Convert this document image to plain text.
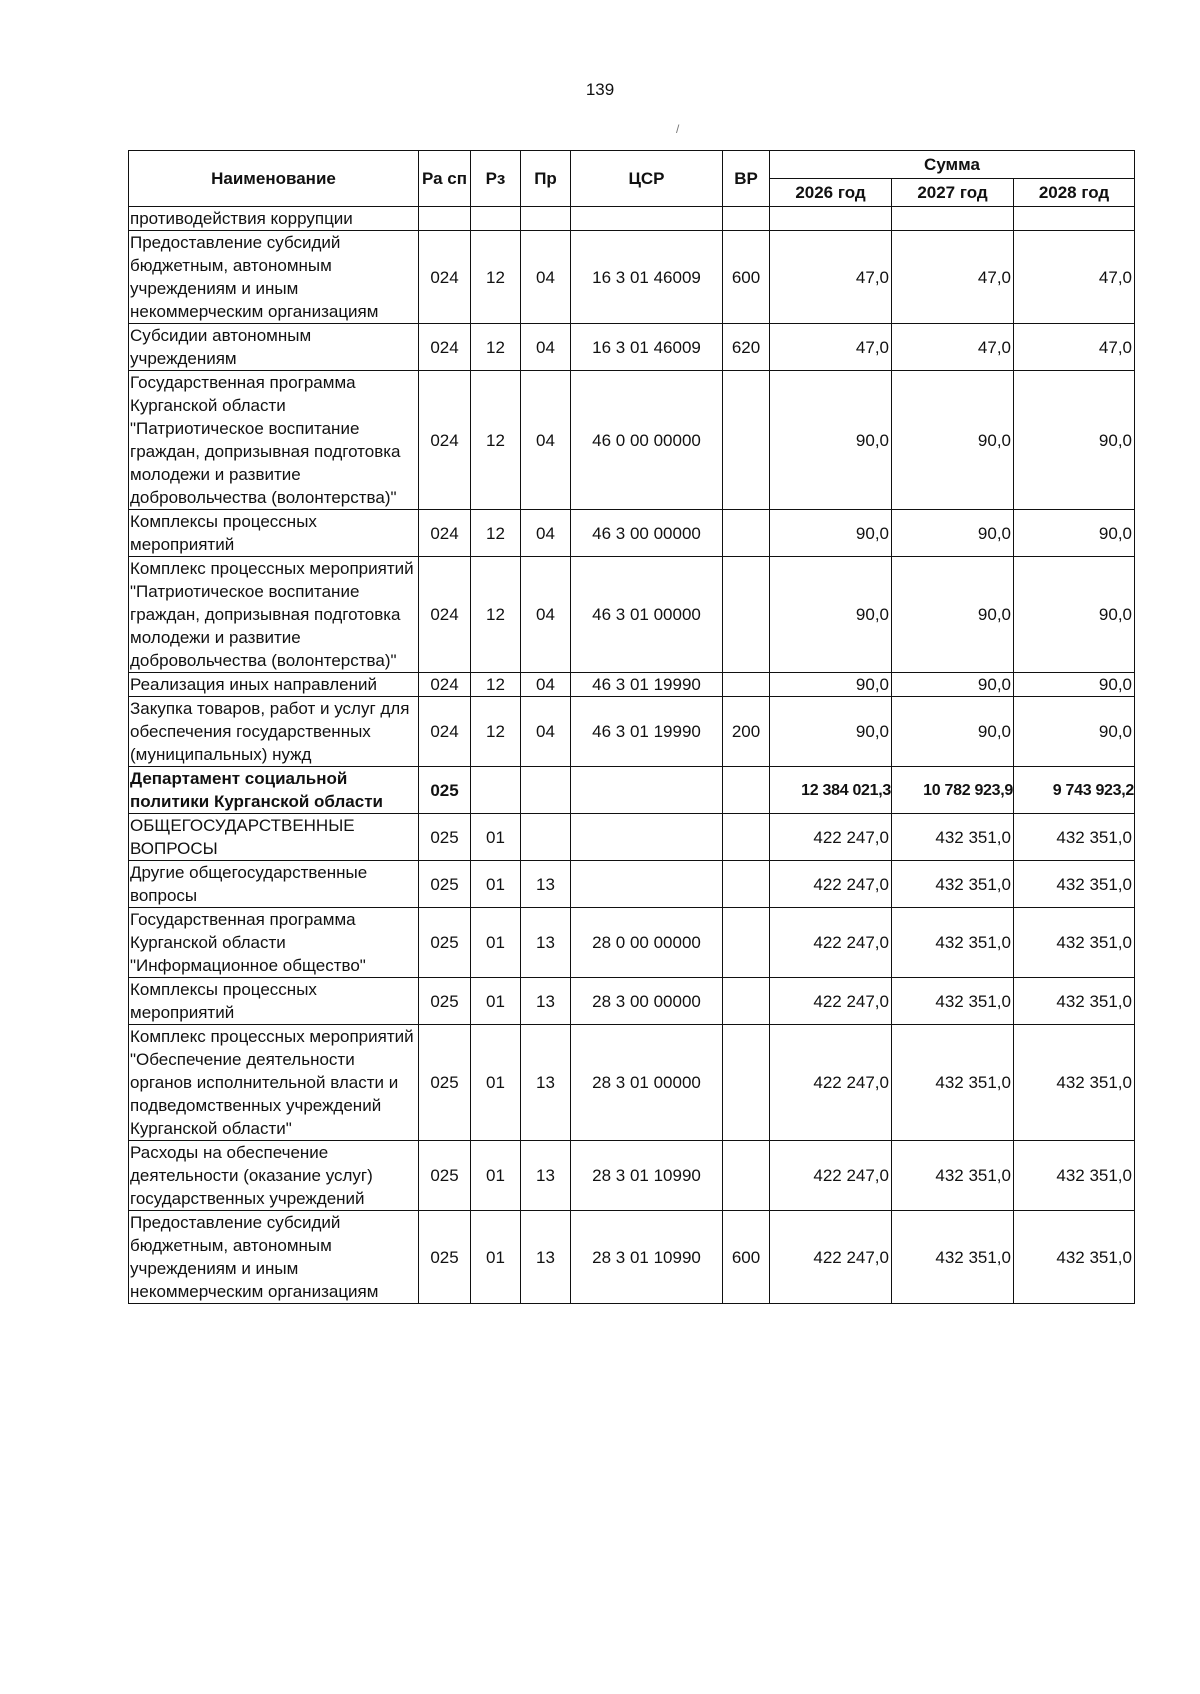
139
/
Наименование	Ра сп	Рз	Пр	ЦСР	ВР	Сумма		
						2026 год	2027 год	2028 год
противодействия коррупции								
Предоставление субсидий бюджетным, автономным учреждениям и иным некоммерческим организациям	024	12	04	16 3 01 46009	600	47,0	47,0	47,0
Субсидии автономным учреждениям	024	12	04	16 3 01 46009	620	47,0	47,0	47,0
Государственная программа Курганской области "Патриотическое воспитание граждан, допризывная подготовка молодежи и развитие добровольчества (волонтерства)"	024	12	04	46 0 00 00000		90,0	90,0	90,0
Комплексы процессных мероприятий	024	12	04	46 3 00 00000		90,0	90,0	90,0
Комплекс процессных мероприятий "Патриотическое воспитание граждан, допризывная подготовка молодежи и развитие добровольчества (волонтерства)"	024	12	04	46 3 01 00000		90,0	90,0	90,0
Реализация иных направлений	024	12	04	46 3 01 19990		90,0	90,0	90,0
Закупка товаров, работ и услуг для обеспечения государственных (муниципальных) нужд	024	12	04	46 3 01 19990	200	90,0	90,0	90,0
Департамент социальной политики Курганской области	025					12 384 021,3	10 782 923,9	9 743 923,2
ОБЩЕГОСУДАРСТВЕННЫЕ ВОПРОСЫ	025	01				422 247,0	432 351,0	432 351,0
Другие общегосударственные вопросы	025	01	13			422 247,0	432 351,0	432 351,0
Государственная программа Курганской области "Информационное общество"	025	01	13	28 0 00 00000		422 247,0	432 351,0	432 351,0
Комплексы процессных мероприятий	025	01	13	28 3 00 00000		422 247,0	432 351,0	432 351,0
Комплекс процессных мероприятий "Обеспечение деятельности органов исполнительной власти и подведомственных учреждений Курганской области"	025	01	13	28 3 01 00000		422 247,0	432 351,0	432 351,0
Расходы на обеспечение деятельности (оказание услуг) государственных учреждений	025	01	13	28 3 01 10990		422 247,0	432 351,0	432 351,0
Предоставление субсидий бюджетным, автономным учреждениям и иным некоммерческим организациям	025	01	13	28 3 01 10990	600	422 247,0	432 351,0	432 351,0
